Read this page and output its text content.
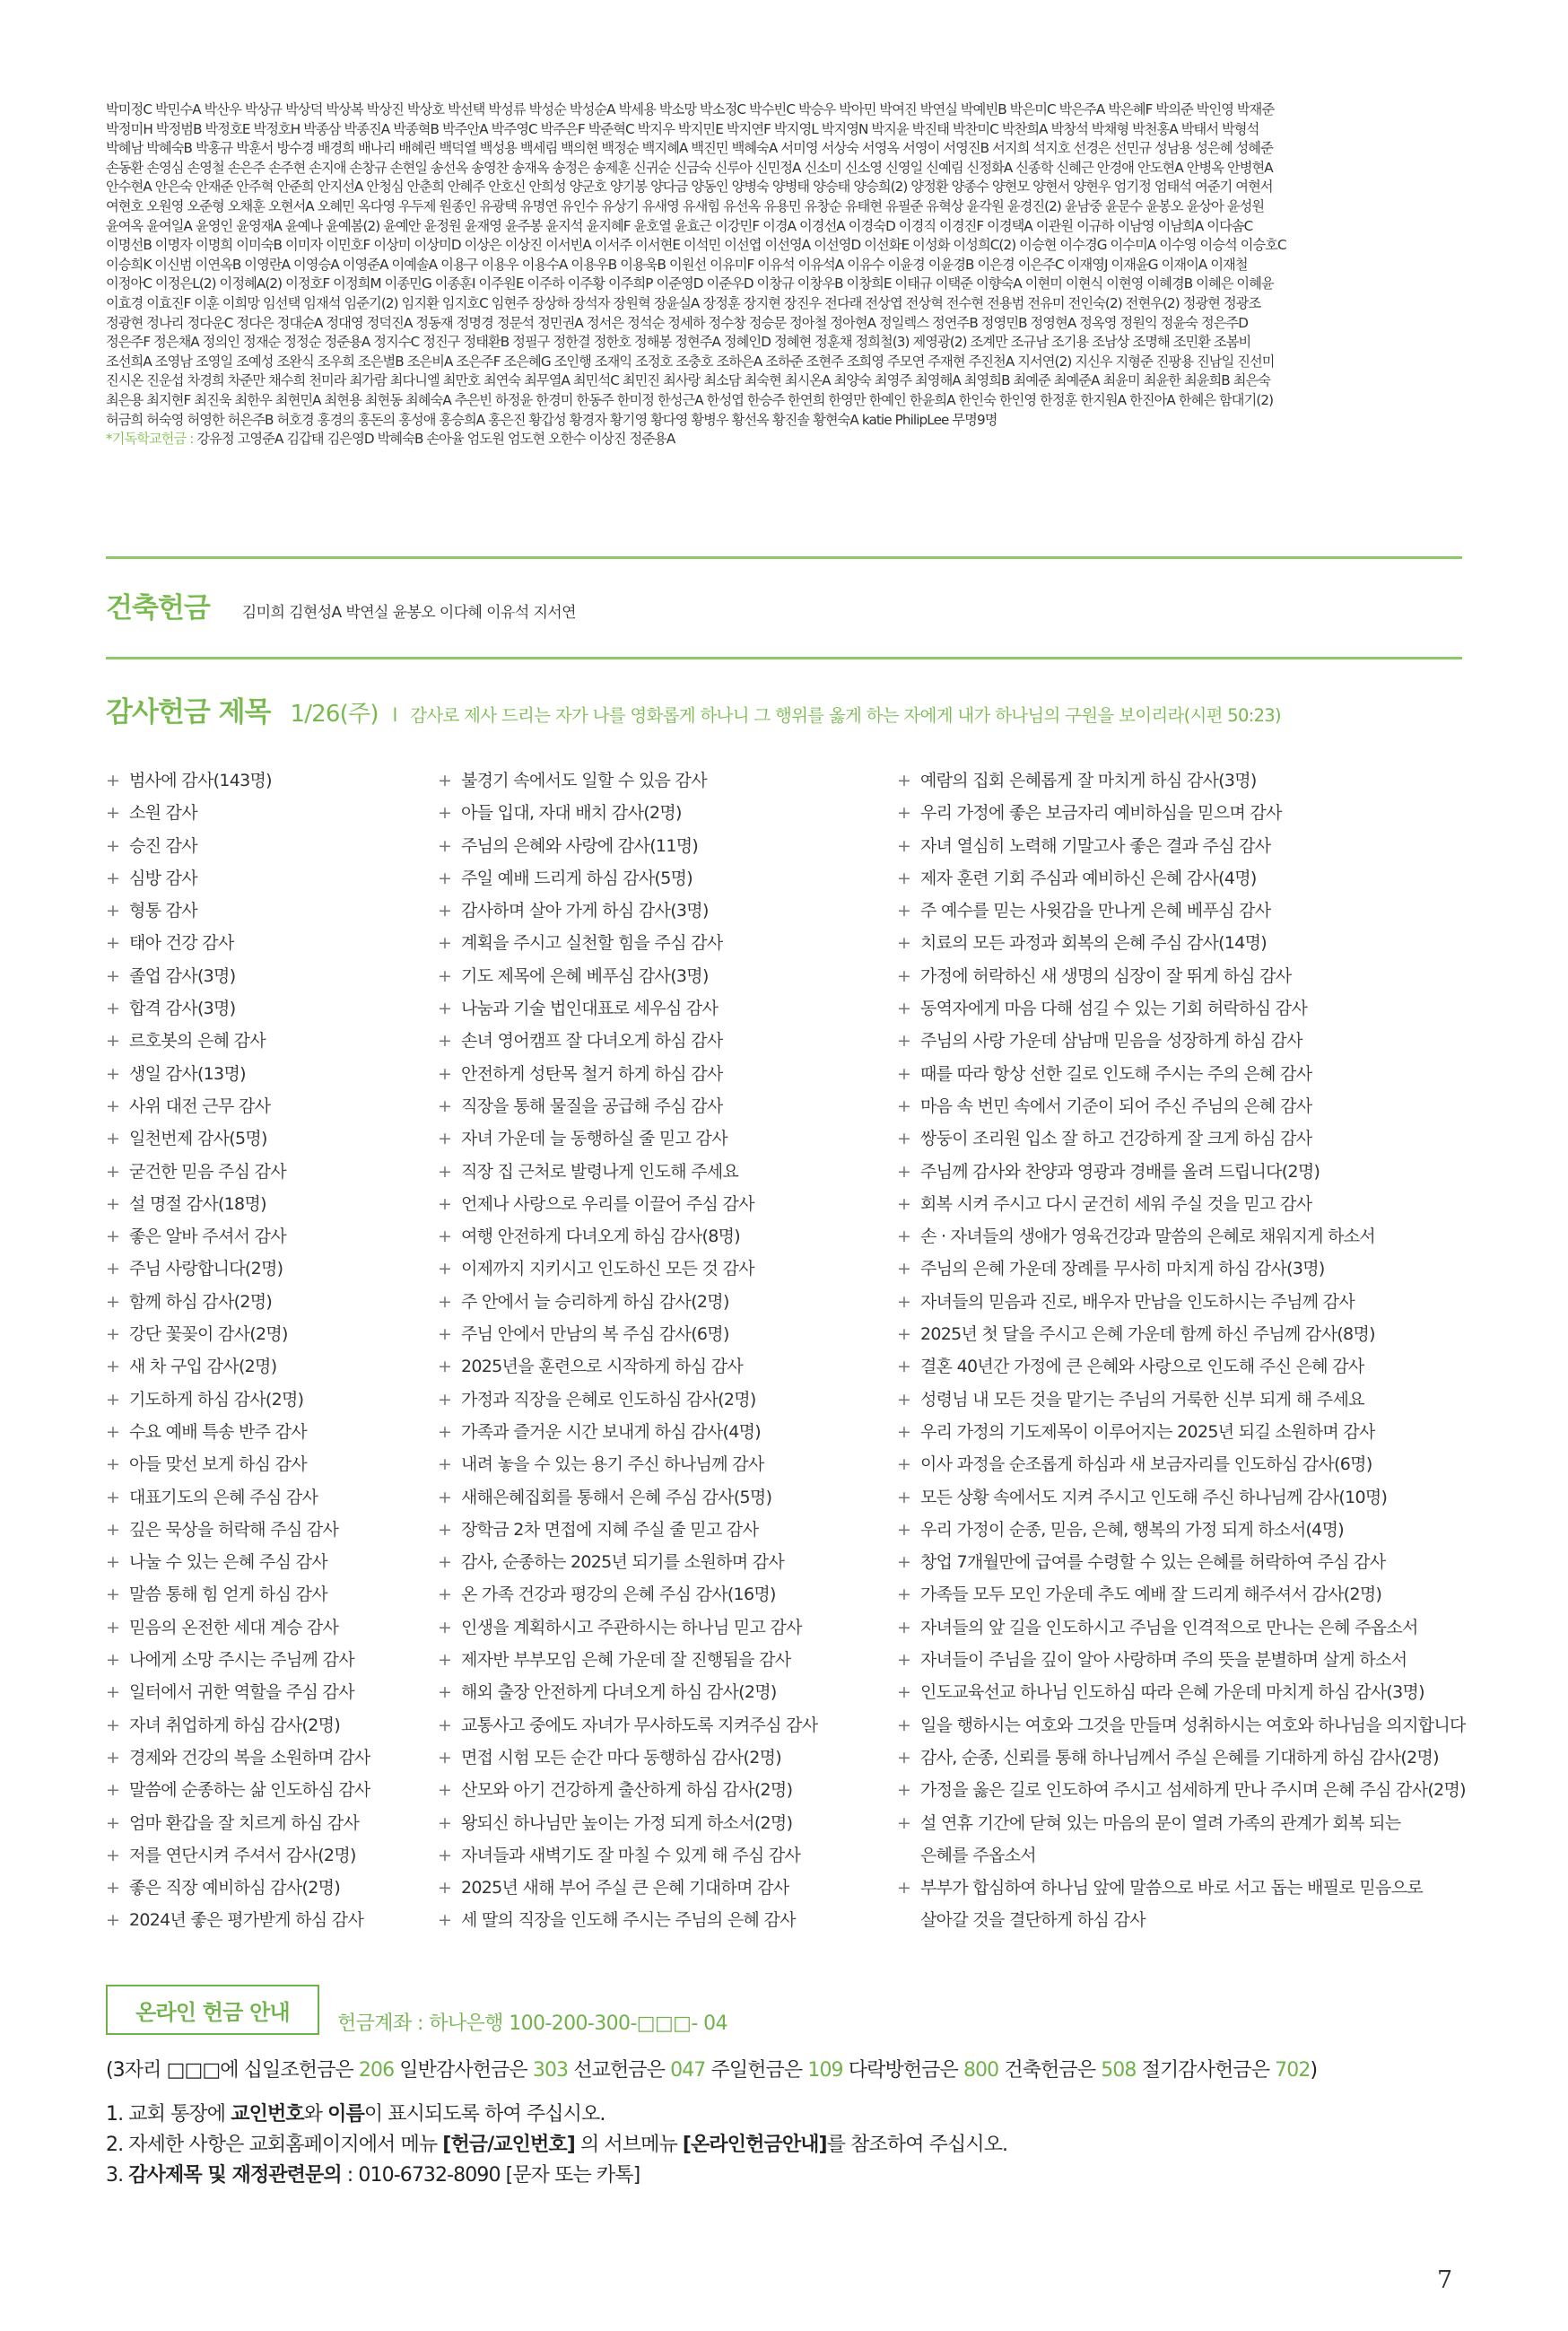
박미정C 박민수A 박산우 박상규 박상덕 박상복 박상진 박상호 박선택 박성류 박성순 박성순A 박세용 박소망 박소정C 박수빈C 박승우 박아민 박여진 박연실 박예빈B 박은미C 박은주A 박은혜F 박의준 박인영 박재준

박정미H 박정범B 박정호E 박정호H 박종삼 박종진A 박종혁B 박주안A 박주영C 박주은F 박준혁C 박지우 박지민E 박지연F 박지영L 박지영N 박지윤 박진태 박찬미C 박찬희A 박창석 박채형 박천홍A 박태서 박형석

박혜남 박혜숙B 박홍규 박훈서 방수경 배경희 배나리 배혜린 백덕열 백성용 백세림 백의현 백정순 백지혜A 백진민 백혜숙A 서미영 서상숙 서영옥 서영이 서영진B 서지희 석지호 선경은 선민규 성남용 성은혜 성혜준

손동환 손영심 손영철 손은주 손주현 손지애 손창규 손현일 송선옥 송영찬 송재옥 송정은 송제훈 신귀순 신금숙 신루아 신민정A 신소미 신소영 신영일 신예림 신정화A 신종학 신혜근 안경애 안도현A 안병옥 안병현A

안수현A 안은숙 안재준 안주혁 안준희 안지선A 안청심 안춘희 안혜주 안호신 안희성 양군호 양기봉 양다금 양동인 양병숙 양병태 양승태 양승희(2) 양정환 양종수 양현모 양현서 양현우 엄기정 엄태석 여준기 여현서

여현호 오원영 오준형 오채훈 오현서A 오혜민 옥다영 우두제 원종인 유광택 유명연 유인수 유상기 유새영 유새힘 유선옥 유용민 유창순 유태현 유필준 유혁상 윤각원 윤경진(2) 윤남중 윤문수 윤봉오 윤상아 윤성원

윤여옥 윤여일A 윤영인 윤영재A 윤예나 윤예봄(2) 윤예안 윤정원 윤재영 윤주봉 윤지석 윤지혜F 윤호열 윤효근 이강민F 이경A 이경선A 이경숙D 이경직 이경진F 이경택A 이관원 이규하 이남영 이남희A 이다솜C

이명선B 이명자 이명희 이미숙B 이미자 이민호F 이상미 이상미D 이상은 이상진 이서빈A 이서주 이서현E 이석민 이선엽 이선영A 이선영D 이선화E 이성화 이성희C(2) 이승현 이수경G 이수미A 이수영 이승석 이승호C

이승희K 이신범 이연옥B 이영란A 이영승A 이영준A 이예솔A 이용구 이용우 이용수A 이용우B 이용욱B 이원선 이유미F 이유석 이유석A 이유수 이윤경 이윤경B 이은경 이은주C 이재영J 이재윤G 이재이A 이재철

이정아C 이정은L(2) 이정혜A(2) 이정호F 이정희M 이종민G 이종훈I 이주원E 이주하 이주황 이주희P 이준영D 이준우D 이창규 이창우B 이창희E 이태규 이택준 이향숙A 이현미 이현식 이현영 이혜경B 이혜은 이혜윤

이효경 이효진F 이훈 이희망 임선택 임재석 임준기(2) 임지환 임지호C 임현주 장상하 장석자 장원혁 장윤실A 장정훈 장지현 장진우 전다래 전상엽 전상혁 전수현 전용범 전유미 전인숙(2) 전현우(2) 정광현 정광조

정광현 정나리 정다운C 정다은 정대순A 정대영 정덕진A 정동재 정명경 정문석 정민권A 정서은 정석순 정세하 정수창 정승문 정아철 정아현A 정일렉스 정연주B 정영민B 정영현A 정옥영 정원익 정윤숙 정은주D

정은주F 정은채A 정의인 정재순 정정순 정준용A 정지수C 정진구 정태환B 정필구 정한결 정한호 정해봉 정현주A 정혜인D 정혜현 정훈채 정희철(3) 제영광(2) 조계만 조규남 조기용 조남상 조명해 조민환 조봄비

조선희A 조영남 조영일 조예성 조완식 조우희 조은별B 조은비A 조은주F 조은혜G 조인행 조재익 조정호 조충호 조하은A 조하준 조현주 조희영 주모연 주재현 주진천A 지서연(2) 지신우 지형준 진팡용 진남일 진선미

진시온 진운섭 차경희 차준만 채수희 천미라 최가람 최다니엘 최만호 최연숙 최무열A 최민석C 최민진 최사랑 최소담 최숙현 최시온A 최양숙 최영주 최영해A 최영희B 최예준 최예준A 최윤미 최윤한 최윤희B 최은숙

최은용 최지현F 최진욱 최한우 최현민A 최현용 최현동 최혜숙A 추은빈 하정윤 한경미 한동주 한미정 한성근A 한성엽 한승주 한연희 한영만 한예인 한윤희A 한인숙 한인영 한정훈 한지원A 한진아A 한혜은 함대기(2)

허금희 허숙영 허영한 허은주B 허호경 홍경의 홍돈의 홍성애 홍승희A 홍은진 황갑성 황경자 황기영 황다영 황병우 황선옥 황진솔 황현숙A katie PhilipLee 무명9명

*기독학교헌금 : 강유정 고영준A 김갑태 김은영D 박혜숙B 손아율 엄도원 엄도현 오한수 이상진 정준용A

건축헌금 김미희 김현성A 박연실 윤봉오 이다혜 이유석 지서연
감사헌금 제목 1/26(주) l 감사로 제사 드리는 자가 나를 영화롭게 하나니 그 행위를 옳게 하는 자에게 내가 하나님의 구원을 보이리라(시편 50:23)
+ 범사에 감사(143명)
+ 소원 감사
+ 승진 감사
+ 심방 감사
+ 형통 감사
+ 태아 건강 감사
+ 졸업 감사(3명)
+ 합격 감사(3명)
+ 르호봇의 은혜 감사
+ 생일 감사(13명)
+ 사위 대전 근무 감사
+ 일천번제 감사(5명)
+ 굳건한 믿음 주심 감사
+ 설 명절 감사(18명)
+ 좋은 알바 주셔서 감사
+ 주님 사랑합니다(2명)
+ 함께 하심 감사(2명)
+ 강단 꽃꽂이 감사(2명)
+ 새 차 구입 감사(2명)
+ 기도하게 하심 감사(2명)
+ 수요 예배 특송 반주 감사
+ 아들 맞선 보게 하심 감사
+ 대표기도의 은혜 주심 감사
+ 깊은 묵상을 허락해 주심 감사
+ 나눌 수 있는 은혜 주심 감사
+ 말씀 통해 힘 얻게 하심 감사
+ 믿음의 온전한 세대 계승 감사
+ 나에게 소망 주시는 주님께 감사
+ 일터에서 귀한 역할을 주심 감사
+ 자녀 취업하게 하심 감사(2명)
+ 경제와 건강의 복을 소원하며 감사
+ 말씀에 순종하는 삶 인도하심 감사
+ 엄마 환갑을 잘 치르게 하심 감사
+ 저를 연단시켜 주셔서 감사(2명)
+ 좋은 직장 예비하심 감사(2명)
+ 2024년 좋은 평가받게 하심 감사
+ 불경기 속에서도 일할 수 있음 감사
+ 아들 입대, 자대 배치 감사(2명)
+ 주님의 은혜와 사랑에 감사(11명)
+ 주일 예배 드리게 하심 감사(5명)
+ 감사하며 살아 가게 하심 감사(3명)
+ 계획을 주시고 실천할 힘을 주심 감사
+ 기도 제목에 은혜 베푸심 감사(3명)
+ 나눔과 기술 법인대표로 세우심 감사
+ 손녀 영어캠프 잘 다녀오게 하심 감사
+ 안전하게 성탄목 철거 하게 하심 감사
+ 직장을 통해 물질을 공급해 주심 감사
+ 자녀 가운데 늘 동행하실 줄 믿고 감사
+ 직장 집 근처로 발령나게 인도해 주세요
+ 언제나 사랑으로 우리를 이끌어 주심 감사
+ 여행 안전하게 다녀오게 하심 감사(8명)
+ 이제까지 지키시고 인도하신 모든 것 감사
+ 주 안에서 늘 승리하게 하심 감사(2명)
+ 주님 안에서 만남의 복 주심 감사(6명)
+ 2025년을 훈련으로 시작하게 하심 감사
+ 가정과 직장을 은혜로 인도하심 감사(2명)
+ 가족과 즐거운 시간 보내게 하심 감사(4명)
+ 내려 놓을 수 있는 용기 주신 하나님께 감사
+ 새해은혜집회를 통해서 은혜 주심 감사(5명)
+ 장학금 2차 면접에 지혜 주실 줄 믿고 감사
+ 감사, 순종하는 2025년 되기를 소원하며 감사
+ 온 가족 건강과 평강의 은혜 주심 감사(16명)
+ 인생을 계획하시고 주관하시는 하나님 믿고 감사
+ 제자반 부부모임 은혜 가운데 잘 진행됨을 감사
+ 해외 출장 안전하게 다녀오게 하심 감사(2명)
+ 교통사고 중에도 자녀가 무사하도록 지켜주심 감사
+ 면접 시험 모든 순간 마다 동행하심 감사(2명)
+ 산모와 아기 건강하게 출산하게 하심 감사(2명)
+ 왕되신 하나님만 높이는 가정 되게 하소서(2명)
+ 자녀들과 새벽기도 잘 마칠 수 있게 해 주심 감사
+ 2025년 새해 부어 주실 큰 은혜 기대하며 감사
+ 세 딸의 직장을 인도해 주시는 주님의 은혜 감사
+ 예람의 집회 은혜롭게 잘 마치게 하심 감사(3명)
+ 우리 가정에 좋은 보금자리 예비하심을 믿으며 감사
+ 자녀 열심히 노력해 기말고사 좋은 결과 주심 감사
+ 제자 훈련 기회 주심과 예비하신 은혜 감사(4명)
+ 주 예수를 믿는 사윗감을 만나게 은혜 베푸심 감사
+ 치료의 모든 과정과 회복의 은혜 주심 감사(14명)
+ 가정에 허락하신 새 생명의 심장이 잘 뛰게 하심 감사
+ 동역자에게 마음 다해 섬길 수 있는 기회 허락하심 감사
+ 주님의 사랑 가운데 삼남매 믿음을 성장하게 하심 감사
+ 때를 따라 항상 선한 길로 인도해 주시는 주의 은혜 감사
+ 마음 속 번민 속에서 기준이 되어 주신 주님의 은혜 감사
+ 쌍둥이 조리원 입소 잘 하고 건강하게 잘 크게 하심 감사
+ 주님께 감사와 찬양과 영광과 경배를 올려 드립니다(2명)
+ 회복 시켜 주시고 다시 굳건히 세워 주실 것을 믿고 감사
+ 손 · 자녀들의 생애가 영육건강과 말씀의 은혜로 채워지게 하소서
+ 주님의 은혜 가운데 장례를 무사히 마치게 하심 감사(3명)
+ 자녀들의 믿음과 진로, 배우자 만남을 인도하시는 주님께 감사
+ 2025년 첫 달을 주시고 은혜 가운데 함께 하신 주님께 감사(8명)
+ 결혼 40년간 가정에 큰 은혜와 사랑으로 인도해 주신 은혜 감사
+ 성령님 내 모든 것을 맡기는 주님의 거룩한 신부 되게 해 주세요
+ 우리 가정의 기도제목이 이루어지는 2025년 되길 소원하며 감사
+ 이사 과정을 순조롭게 하심과 새 보금자리를 인도하심 감사(6명)
+ 모든 상황 속에서도 지켜 주시고 인도해 주신 하나님께 감사(10명)
+ 우리 가정이 순종, 믿음, 은혜, 행복의 가정 되게 하소서(4명)
+ 창업 7개월만에 급여를 수령할 수 있는 은혜를 허락하여 주심 감사
+ 가족들 모두 모인 가운데 추도 예배 잘 드리게 해주셔서 감사(2명)
+ 자녀들의 앞 길을 인도하시고 주님을 인격적으로 만나는 은혜 주옵소서
+ 자녀들이 주님을 깊이 알아 사랑하며 주의 뜻을 분별하며 살게 하소서
+ 인도교육선교 하나님 인도하심 따라 은혜 가운데 마치게 하심 감사(3명)
+ 일을 행하시는 여호와 그것을 만들며 성취하시는 여호와 하나님을 의지합니다
+ 감사, 순종, 신뢰를 통해 하나님께서 주실 은혜를 기대하게 하심 감사(2명)
+ 가정을 옳은 길로 인도하여 주시고 섬세하게 만나 주시며 은혜 주심 감사(2명)
+ 설 연휴 기간에 닫혀 있는 마음의 문이 열려 가족의 관계가 회복 되는
은혜를 주옵소서
+ 부부가 합심하여 하나님 앞에 말씀으로 바로 서고 돕는 배필로 믿음으로
살아갈 것을 결단하게 하심 감사
온라인 헌금 안내	헌금계좌 : 하나은행 100-200-300-□□□- 04
(3자리 □□□에 십일조헌금은 206 일반감사헌금은 303 선교헌금은 047 주일헌금은 109 다락방헌금은 800 건축헌금은 508 절기감사헌금은 702)
1. 교회 통장에 교인번호와 이름이 표시되도록 하여 주십시오.
2. 자세한 사항은 교회홈페이지에서 메뉴 [헌금/교인번호] 의 서브메뉴 [온라인헌금안내]를 참조하여 주십시오.
3. 감사제목 및 재정관련문의 : 010-6732-8090 [문자 또는 카톡]
7
